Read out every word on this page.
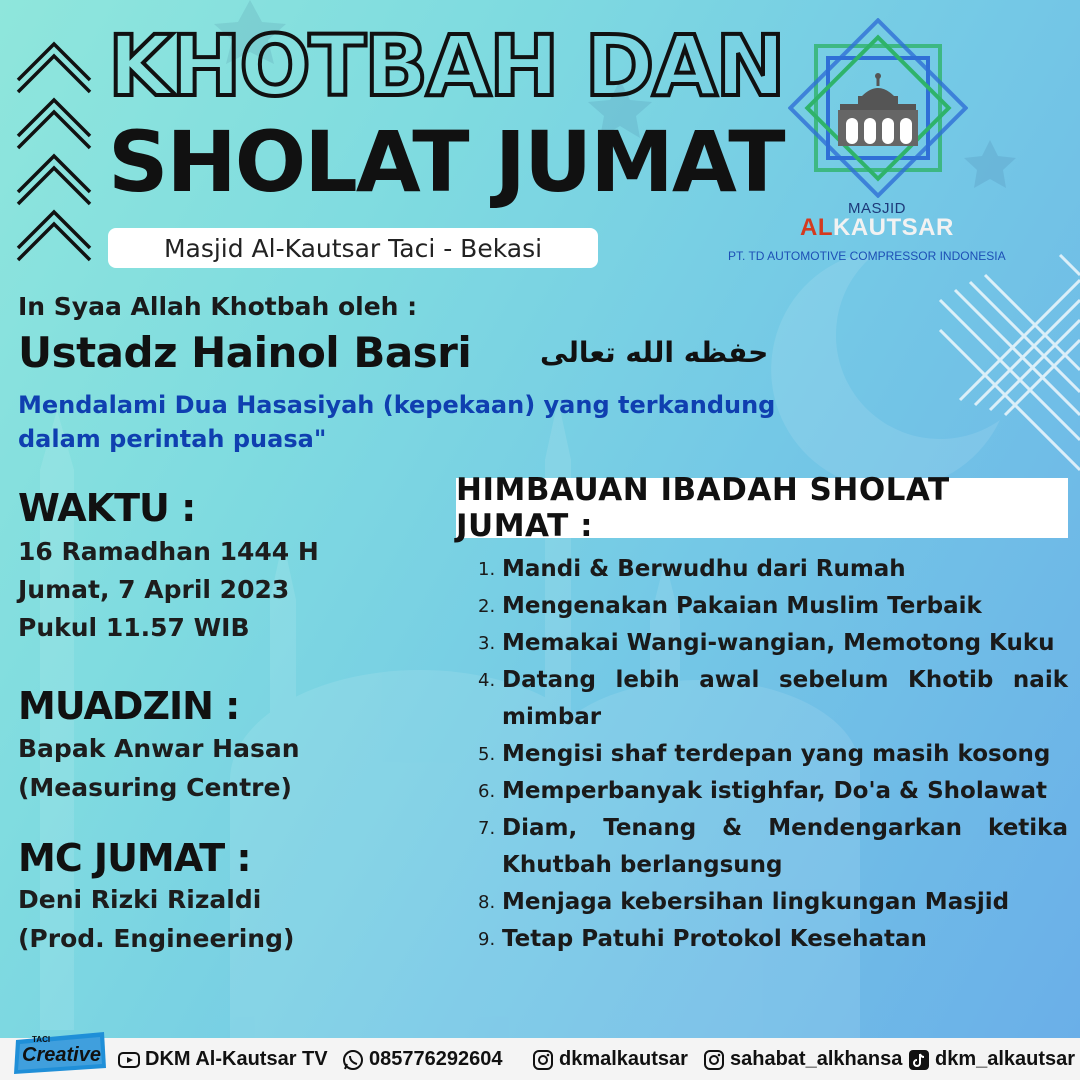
KHOTBAH DAN
SHOLAT JUMAT
Masjid Al-Kautsar Taci - Bekasi
MASJID
ALKAUTSAR
PT. TD AUTOMOTIVE COMPRESSOR INDONESIA
In Syaa Allah Khotbah oleh :
Ustadz Hainol Basri حفظه الله تعالى
Mendalami Dua Hasasiyah (kepekaan) yang terkandung dalam perintah puasa"
WAKTU :
16 Ramadhan 1444 H
Jumat, 7 April 2023
Pukul 11.57 WIB
MUADZIN :
Bapak Anwar Hasan
(Measuring Centre)
MC JUMAT :
Deni Rizki Rizaldi
(Prod. Engineering)
HIMBAUAN IBADAH SHOLAT JUMAT :
1. Mandi & Berwudhu dari Rumah
2. Mengenakan Pakaian Muslim Terbaik
3. Memakai Wangi-wangian, Memotong Kuku
4. Datang lebih awal sebelum Khotib naik mimbar
5. Mengisi shaf terdepan yang masih kosong
6. Memperbanyak istighfar, Do'a & Sholawat
7. Diam, Tenang & Mendengarkan ketika Khutbah berlangsung
8. Menjaga kebersihan lingkungan Masjid
9. Tetap Patuhi Protokol Kesehatan
TACI
Creative DKM Al-Kautsar TV 085776292604	dkmalkautsar sahabat_alkhansa dkm_alkautsar
